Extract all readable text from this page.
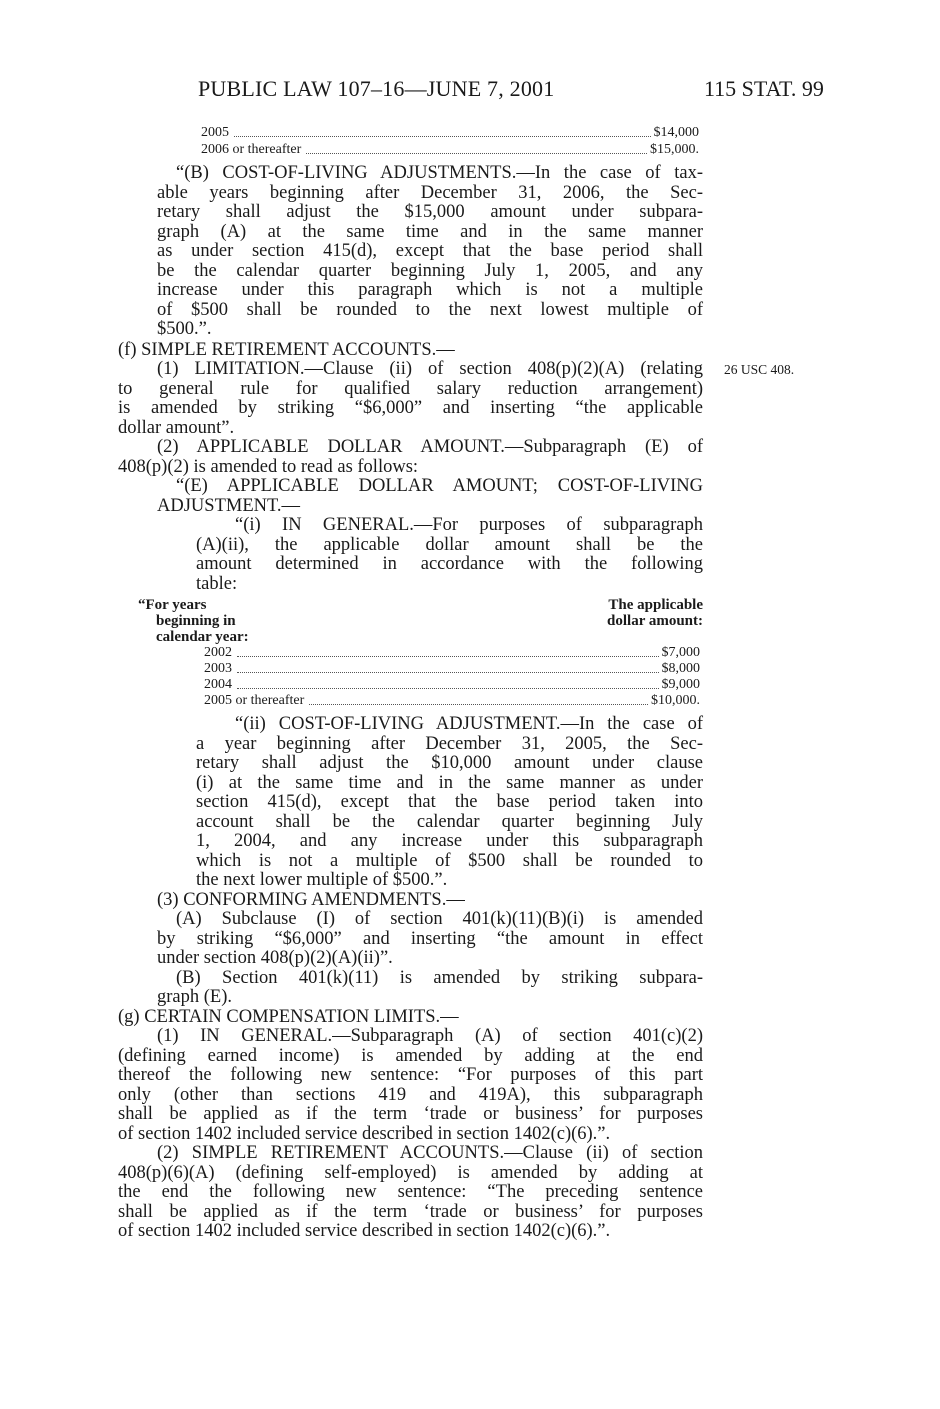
PUBLIC LAW 107–16—JUNE 7, 2001	115 STAT. 99
2005	$14,000
2006 or thereafter	$15,000.
“(B) COST-OF-LIVING ADJUSTMENTS.—In the case of tax-
able years beginning after December 31, 2006, the Sec-
retary shall adjust the $15,000 amount under subpara-
graph (A) at the same time and in the same manner
as under section 415(d), except that the base period shall
be the calendar quarter beginning July 1, 2005, and any
increase under this paragraph which is not a multiple
of $500 shall be rounded to the next lowest multiple of
$500.”.
(f) SIMPLE RETIREMENT ACCOUNTS.—
26 USC 408.
(1) LIMITATION.—Clause (ii) of section 408(p)(2)(A) (relating
to general rule for qualified salary reduction arrangement)
is amended by striking “$6,000” and inserting “the applicable
dollar amount”.
(2) APPLICABLE DOLLAR AMOUNT.—Subparagraph (E) of
408(p)(2) is amended to read as follows:
“(E) APPLICABLE DOLLAR AMOUNT; COST-OF-LIVING
ADJUSTMENT.—
“(i) IN GENERAL.—For purposes of subparagraph
(A)(ii), the applicable dollar amount shall be the
amount determined in accordance with the following
table:
“For years
beginning in
calendar year:
The applicable
dollar amount:
2002	$7,000
2003	$8,000
2004	$9,000
2005 or thereafter	$10,000.
“(ii) COST-OF-LIVING ADJUSTMENT.—In the case of
a year beginning after December 31, 2005, the Sec-
retary shall adjust the $10,000 amount under clause
(i) at the same time and in the same manner as under
section 415(d), except that the base period taken into
account shall be the calendar quarter beginning July
1, 2004, and any increase under this subparagraph
which is not a multiple of $500 shall be rounded to
the next lower multiple of $500.”.
(3) CONFORMING AMENDMENTS.—
(A) Subclause (I) of section 401(k)(11)(B)(i) is amended
by striking “$6,000” and inserting “the amount in effect
under section 408(p)(2)(A)(ii)”.
(B) Section 401(k)(11) is amended by striking subpara-
graph (E).
(g) CERTAIN COMPENSATION LIMITS.—
(1) IN GENERAL.—Subparagraph (A) of section 401(c)(2)
(defining earned income) is amended by adding at the end
thereof the following new sentence: “For purposes of this part
only (other than sections 419 and 419A), this subparagraph
shall be applied as if the term ‘trade or business’ for purposes
of section 1402 included service described in section 1402(c)(6).”.
(2) SIMPLE RETIREMENT ACCOUNTS.—Clause (ii) of section
408(p)(6)(A) (defining self-employed) is amended by adding at
the end the following new sentence: “The preceding sentence
shall be applied as if the term ‘trade or business’ for purposes
of section 1402 included service described in section 1402(c)(6).”.
